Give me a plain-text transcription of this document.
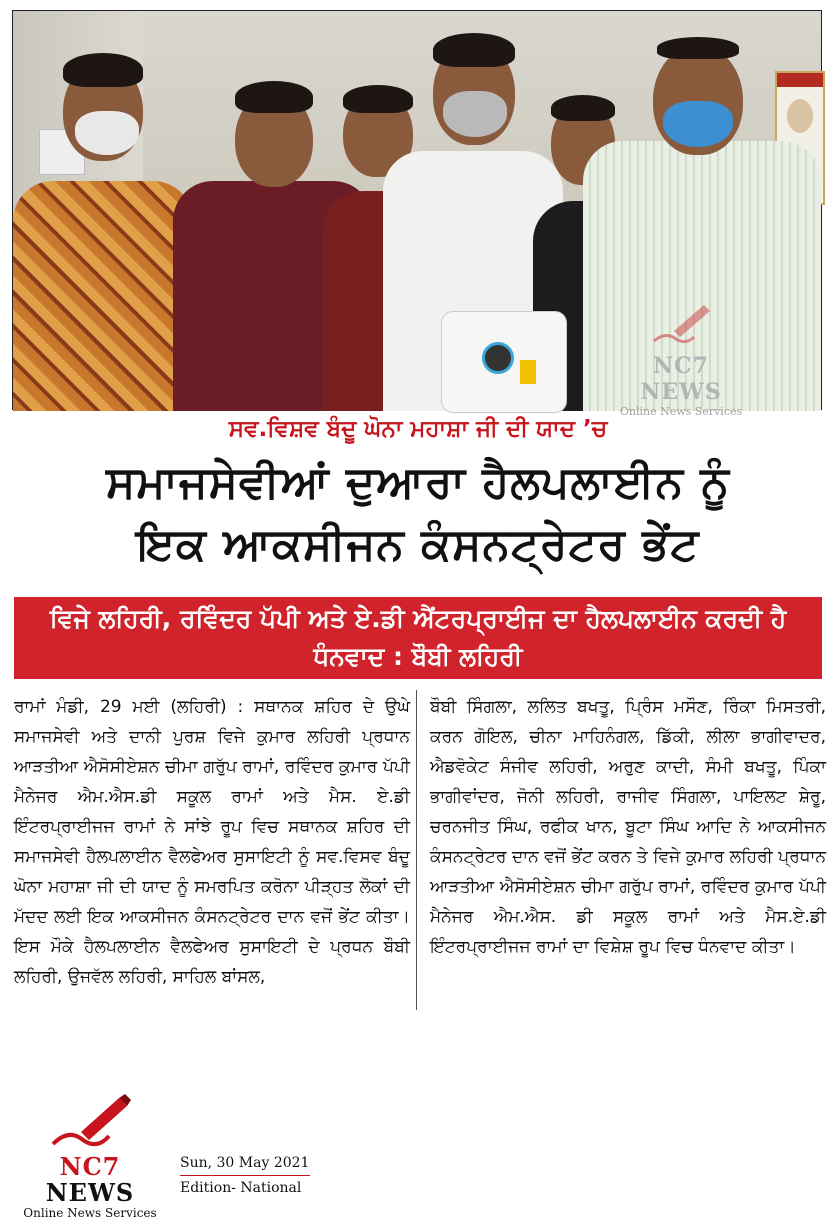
NC7 NEWS
Online News Services
ਸਵ.ਵਿਸ਼ਵ ਬੰਦੂ ਘੋਨਾ ਮਹਾਸ਼ਾ ਜੀ ਦੀ ਯਾਦ ’ਚ
ਸਮਾਜਸੇਵੀਆਂ ਦੁਆਰਾ ਹੈਲਪਲਾਈਨ ਨੂੰ
ਇਕ ਆਕਸੀਜਨ ਕੰਸਨਟ੍ਰੇਟਰ ਭੇਂਟ
ਵਿਜੇ ਲਹਿਰੀ, ਰਵਿੰਦਰ ਪੱਪੀ ਅਤੇ ਏ.ਡੀ ਐਂਟਰਪ੍ਰਾਈਜ ਦਾ ਹੈਲਪਲਾਈਨ ਕਰਦੀ ਹੈ ਧੰਨਵਾਦ : ਬੌਬੀ ਲਹਿਰੀ
ਰਾਮਾਂ ਮੰਡੀ, 29 ਮਈ (ਲਹਿਰੀ) : ਸਥਾਨਕ ਸ਼ਹਿਰ ਦੇ ਉਘੇ ਸਮਾਜਸੇਵੀ ਅਤੇ ਦਾਨੀ ਪੁਰਸ਼ ਵਿਜੇ ਕੁਮਾਰ ਲਹਿਰੀ ਪ੍ਰਧਾਨ ਆੜਤੀਆ ਐਸੋਸੀਏਸ਼ਨ ਚੀਮਾ ਗਰੁੱਪ ਰਾਮਾਂ, ਰਵਿੰਦਰ ਕੁਮਾਰ ਪੱਪੀ ਮੈਨੇਜਰ ਐਮ.ਐਸ.ਡੀ ਸਕੂਲ ਰਾਮਾਂ ਅਤੇ ਮੈਸ. ਏ.ਡੀ ਇੰਟਰਪ੍ਰਾਈਜਜ ਰਾਮਾਂ ਨੇ ਸਾਂਝੇ ਰੂਪ ਵਿਚ ਸਥਾਨਕ ਸ਼ਹਿਰ ਦੀ ਸਮਾਜਸੇਵੀ ਹੈਲਪਲਾਈਨ ਵੈਲਫੇਅਰ ਸੁਸਾਇਟੀ ਨੂੰ ਸਵ.ਵਿਸਵ ਬੰਦੂ ਘੋਨਾ ਮਹਾਸ਼ਾ ਜੀ ਦੀ ਯਾਦ ਨੂੰ ਸਮਰਪਿਤ ਕਰੋਨਾ ਪੀੜ੍ਹਤ ਲੋਕਾਂ ਦੀ ਮੱਦਦ ਲਈ ਇਕ ਆਕਸੀਜਨ ਕੰਸਨਟ੍ਰੇਟਰ ਦਾਨ ਵਜੋਂ ਭੇਂਟ ਕੀਤਾ। ਇਸ ਮੌਕੇ ਹੈਲਪਲਾਈਨ ਵੈਲਫੇਅਰ ਸੁਸਾਇਟੀ ਦੇ ਪ੍ਰਧਨ ਬੌਬੀ ਲਹਿਰੀ, ਉਜਵੱਲ ਲਹਿਰੀ, ਸਾਹਿਲ ਬਾਂਸਲ,
ਬੌਬੀ ਸਿੰਗਲਾ, ਲਲਿਤ ਬਖਤੂ, ਪ੍ਰਿੰਸ ਮਸੌਣ, ਰਿੰਕਾ ਮਿਸਤਰੀ, ਕਰਨ ਗੋਇਲ, ਚੀਨਾ ਮਾਹਿਨੰਗਲ, ਡਿੱਕੀ, ਲੀਲਾ ਭਾਗੀਵਾਦਰ, ਐਡਵੋਕੇਟ ਸੰਜੀਵ ਲਹਿਰੀ, ਅਰੁਣ ਕਾਦੀ, ਸੰਮੀ ਬਖਤੂ, ਪਿੰਕਾ ਭਾਗੀਵਾਂਦਰ, ਜੋਨੀ ਲਹਿਰੀ, ਰਾਜੀਵ ਸਿੰਗਲਾ, ਪਾਇਲਟ ਸ਼ੇਰੂ, ਚਰਨਜੀਤ ਸਿੰਘ, ਰਫੀਕ ਖਾਨ, ਬੂਟਾ ਸਿੰਘ ਆਦਿ ਨੇ ਆਕਸੀਜਨ ਕੰਸਨਟ੍ਰੇਟਰ ਦਾਨ ਵਜੋਂ ਭੇਂਟ ਕਰਨ ਤੇ ਵਿਜੇ ਕੁਮਾਰ ਲਹਿਰੀ ਪ੍ਰਧਾਨ ਆੜਤੀਆ ਐਸੋਸੀਏਸ਼ਨ ਚੀਮਾ ਗਰੁੱਪ ਰਾਮਾਂ, ਰਵਿੰਦਰ ਕੁਮਾਰ ਪੱਪੀ ਮੈਨੇਜਰ ਐਮ.ਐਸ. ਡੀ ਸਕੂਲ ਰਾਮਾਂ ਅਤੇ ਮੈਸ.ਏ.ਡੀ ਇੰਟਰਪ੍ਰਾਈਜਜ ਰਾਮਾਂ ਦਾ ਵਿਸ਼ੇਸ਼ ਰੂਪ ਵਿਚ ਧੰਨਵਾਦ ਕੀਤਾ।
NC7 NEWS
Online News Services
Sun, 30 May 2021
Edition- National
